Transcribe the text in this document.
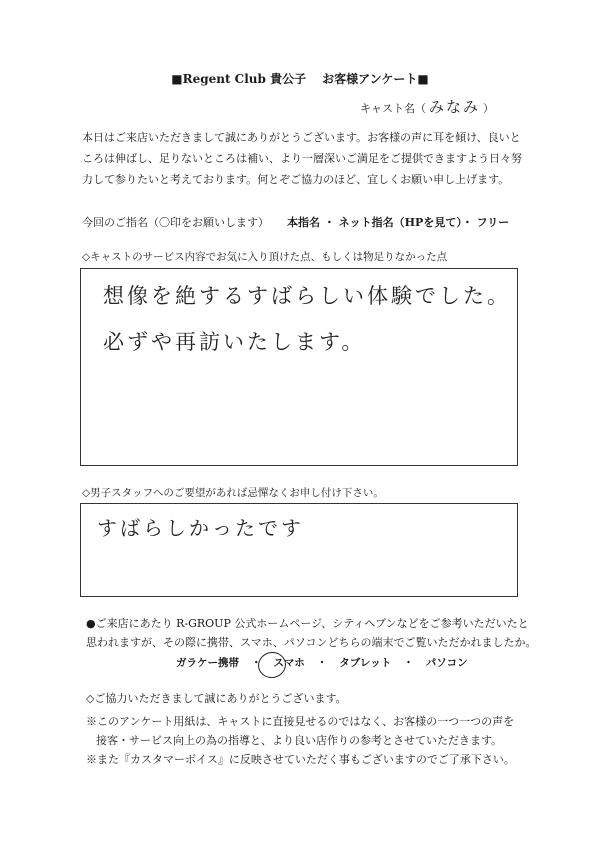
■Regent Club 貴公子 お客様アンケート■
キャスト名（ みなみ ）
本日はご来店いただきまして誠にありがとうございます。お客様の声に耳を傾け、良いと
ころは伸ばし、足りないところは補い、より一層深いご満足をご提供できますよう日々努
力して参りたいと考えております。何とぞご協力のほど、宜しくお願い申し上げます。
今回のご指名（〇印をお願いします） 本指名 ・ ネット指名（HPを見て）・ フリー
◇キャストのサービス内容でお気に入り頂けた点、もしくは物足りなかった点
想像を絶するすばらしい体験でした。
必ずや再訪いたします。
◇男子スタッフへのご要望があれば忌憚なくお申し付け下さい。
すばらしかったです
●ご来店にあたり R-GROUP 公式ホームページ、シティヘブンなどをご参考いただいたと
思われますが、その際に携帯、スマホ、パソコンどちらの端末でご覧いただかれましたか。
ガラケー携帯 ・ スマホ ・ タブレット ・ パソコン
◇ご協力いただきまして誠にありがとうございます。
※このアンケート用紙は、キャストに直接見せるのではなく、お客様の一つ一つの声を
接客・サービス向上の為の指導と、より良い店作りの参考とさせていただきます。
※また『カスタマーボイス』に反映させていただく事もございますのでご了承下さい。
